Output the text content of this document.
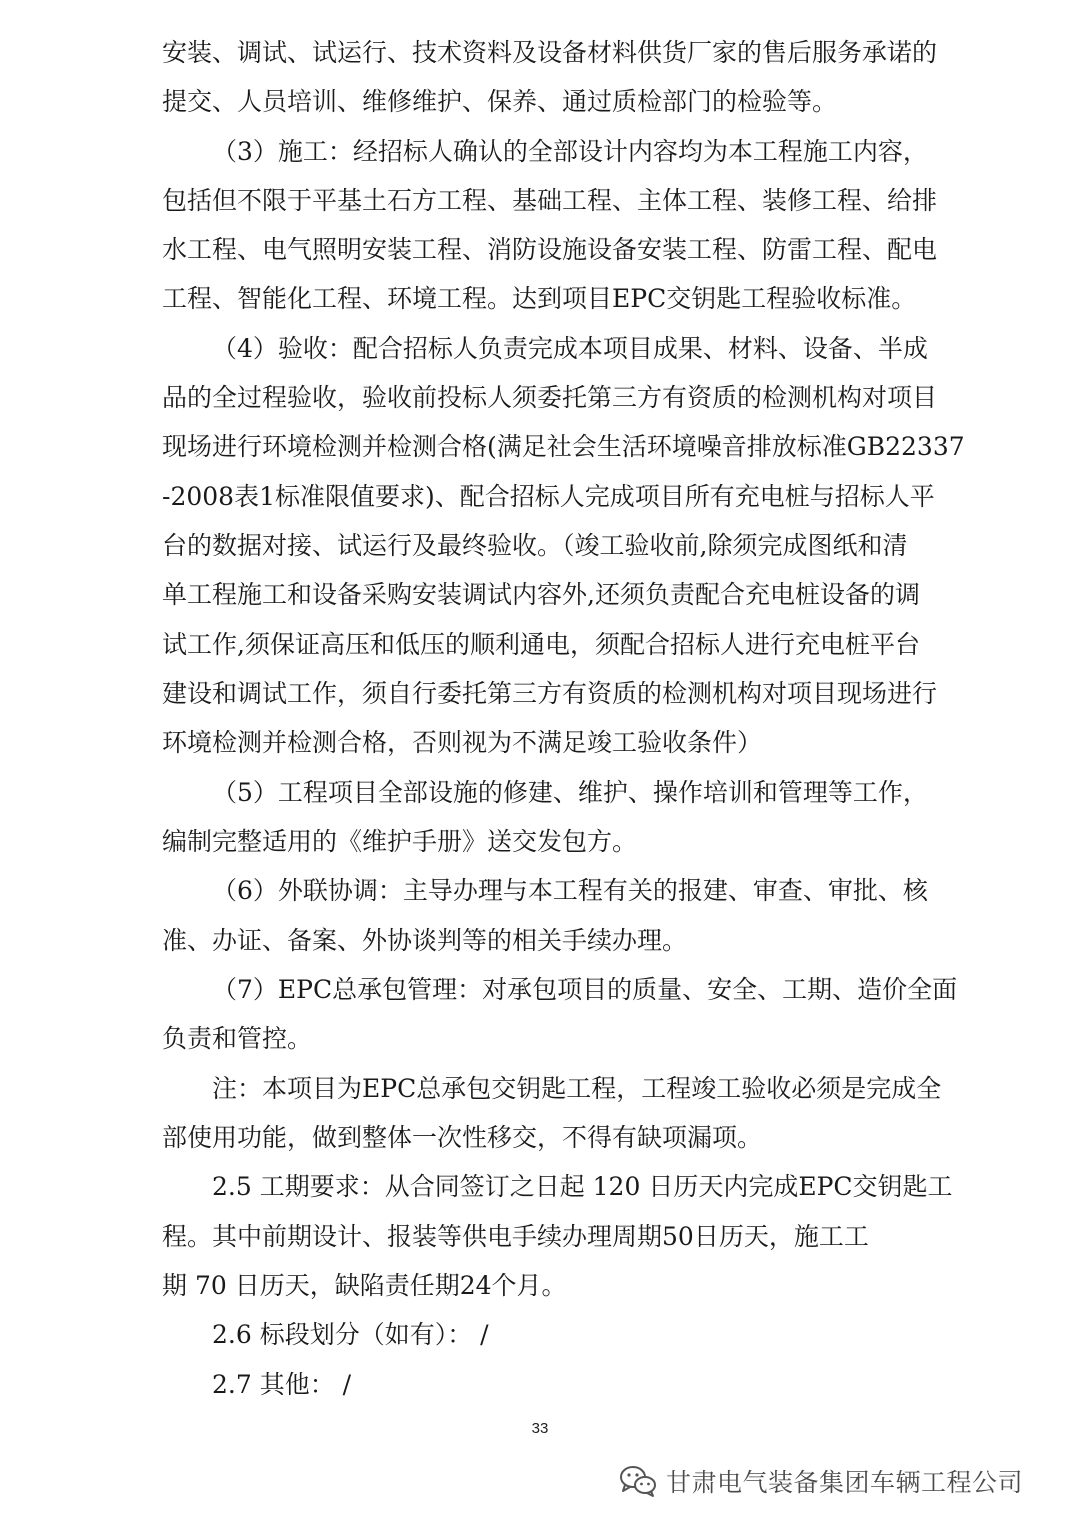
安装、调试、试运行、技术资料及设备材料供货厂家的售后服务承诺的
提交、人员培训、维修维护、保养、通过质检部门的检验等。
（3）施工：经招标人确认的全部设计内容均为本工程施工内容，
包括但不限于平基土石方工程、基础工程、主体工程、装修工程、给排
水工程、电气照明安装工程、消防设施设备安装工程、防雷工程、配电
工程、智能化工程、环境工程。达到项目EPC交钥匙工程验收标准。
（4）验收：配合招标人负责完成本项目成果、材料、设备、半成
品的全过程验收，验收前投标人须委托第三方有资质的检测机构对项目
现场进行环境检测并检测合格(满足社会生活环境噪音排放标准GB22337
-2008表1标准限值要求)、配合招标人完成项目所有充电桩与招标人平
台的数据对接、试运行及最终验收。（竣工验收前,除须完成图纸和清
单工程施工和设备采购安装调试内容外,还须负责配合充电桩设备的调
试工作,须保证高压和低压的顺利通电，须配合招标人进行充电桩平台
建设和调试工作，须自行委托第三方有资质的检测机构对项目现场进行
环境检测并检测合格，否则视为不满足竣工验收条件）
（5）工程项目全部设施的修建、维护、操作培训和管理等工作，
编制完整适用的《维护手册》送交发包方。
（6）外联协调：主导办理与本工程有关的报建、审查、审批、核
准、办证、备案、外协谈判等的相关手续办理。
（7）EPC总承包管理：对承包项目的质量、安全、工期、造价全面
负责和管控。
注：本项目为EPC总承包交钥匙工程，工程竣工验收必须是完成全
部使用功能，做到整体一次性移交，不得有缺项漏项。
2.5 工期要求：从合同签订之日起 120 日历天内完成EPC交钥匙工
程。其中前期设计、报装等供电手续办理周期50日历天，施工工
期 70 日历天，缺陷责任期24个月。
2.6 标段划分（如有）： /
2.7 其他： /
33
甘肃电气装备集团车辆工程公司
